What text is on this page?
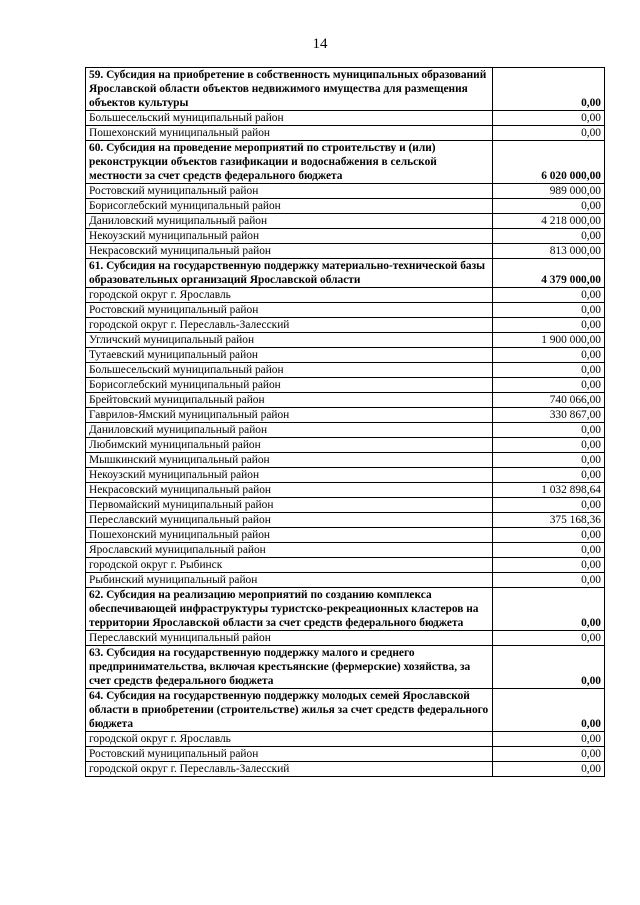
14
59. Субсидия на приобретение в собственность муниципальных образований Ярославской области объектов недвижимого имущества для размещения объектов культуры	0,00
Большесельский муниципальный район	0,00
Пошехонский муниципальный район	0,00
60. Субсидия на проведение мероприятий по строительству и (или) реконструкции объектов газификации и водоснабжения в сельской местности за счет средств федерального бюджета	6 020 000,00
Ростовский муниципальный район	989 000,00
Борисоглебский муниципальный район	0,00
Даниловский муниципальный район	4 218 000,00
Некоузский муниципальный район	0,00
Некрасовский муниципальный район	813 000,00
61. Субсидия на государственную поддержку материально-технической базы образовательных организаций Ярославской области	4 379 000,00
городской округ г. Ярославль	0,00
Ростовский муниципальный район	0,00
городской округ г. Переславль-Залесский	0,00
Угличский муниципальный район	1 900 000,00
Тутаевский муниципальный район	0,00
Большесельский муниципальный район	0,00
Борисоглебский муниципальный район	0,00
Брейтовский муниципальный район	740 066,00
Гаврилов-Ямский муниципальный район	330 867,00
Даниловский муниципальный район	0,00
Любимский муниципальный район	0,00
Мышкинский муниципальный район	0,00
Некоузский муниципальный район	0,00
Некрасовский муниципальный район	1 032 898,64
Первомайский муниципальный район	0,00
Переславский муниципальный район	375 168,36
Пошехонский муниципальный район	0,00
Ярославский муниципальный район	0,00
городской округ г. Рыбинск	0,00
Рыбинский муниципальный район	0,00
62. Субсидия на реализацию мероприятий по созданию комплекса обеспечивающей инфраструктуры туристско-рекреационных кластеров на территории Ярославской области за счет средств федерального бюджета	0,00
Переславский муниципальный район	0,00
63. Субсидия на государственную поддержку малого и среднего предпринимательства, включая крестьянские (фермерские) хозяйства, за счет средств федерального бюджета	0,00
64. Субсидия на государственную поддержку молодых семей Ярославской области в приобретении (строительстве) жилья за счет средств федерального бюджета	0,00
городской округ г. Ярославль	0,00
Ростовский муниципальный район	0,00
городской округ г. Переславль-Залесский	0,00
